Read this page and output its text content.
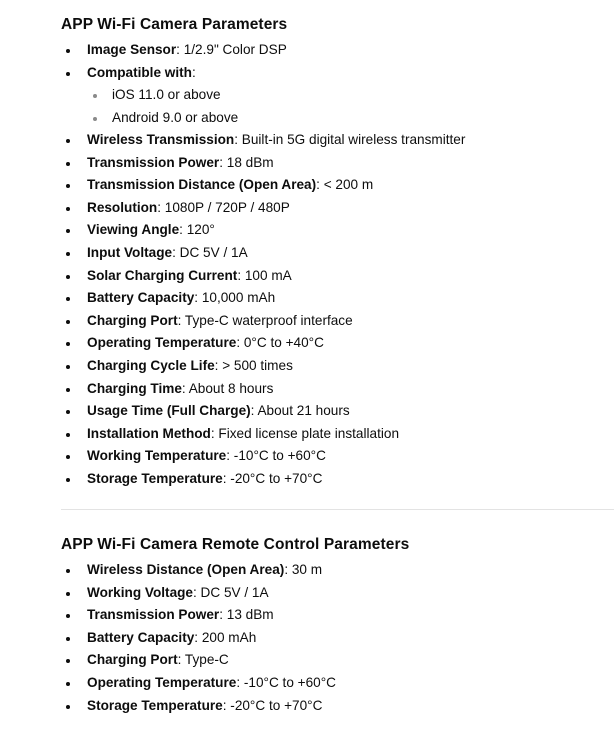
APP Wi-Fi Camera Parameters
Image Sensor: 1/2.9" Color DSP
Compatible with:
iOS 11.0 or above
Android 9.0 or above
Wireless Transmission: Built-in 5G digital wireless transmitter
Transmission Power: 18 dBm
Transmission Distance (Open Area): < 200 m
Resolution: 1080P / 720P / 480P
Viewing Angle: 120°
Input Voltage: DC 5V / 1A
Solar Charging Current: 100 mA
Battery Capacity: 10,000 mAh
Charging Port: Type-C waterproof interface
Operating Temperature: 0°C to +40°C
Charging Cycle Life: > 500 times
Charging Time: About 8 hours
Usage Time (Full Charge): About 21 hours
Installation Method: Fixed license plate installation
Working Temperature: -10°C to +60°C
Storage Temperature: -20°C to +70°C
APP Wi-Fi Camera Remote Control Parameters
Wireless Distance (Open Area): 30 m
Working Voltage: DC 5V / 1A
Transmission Power: 13 dBm
Battery Capacity: 200 mAh
Charging Port: Type-C
Operating Temperature: -10°C to +60°C
Storage Temperature: -20°C to +70°C
